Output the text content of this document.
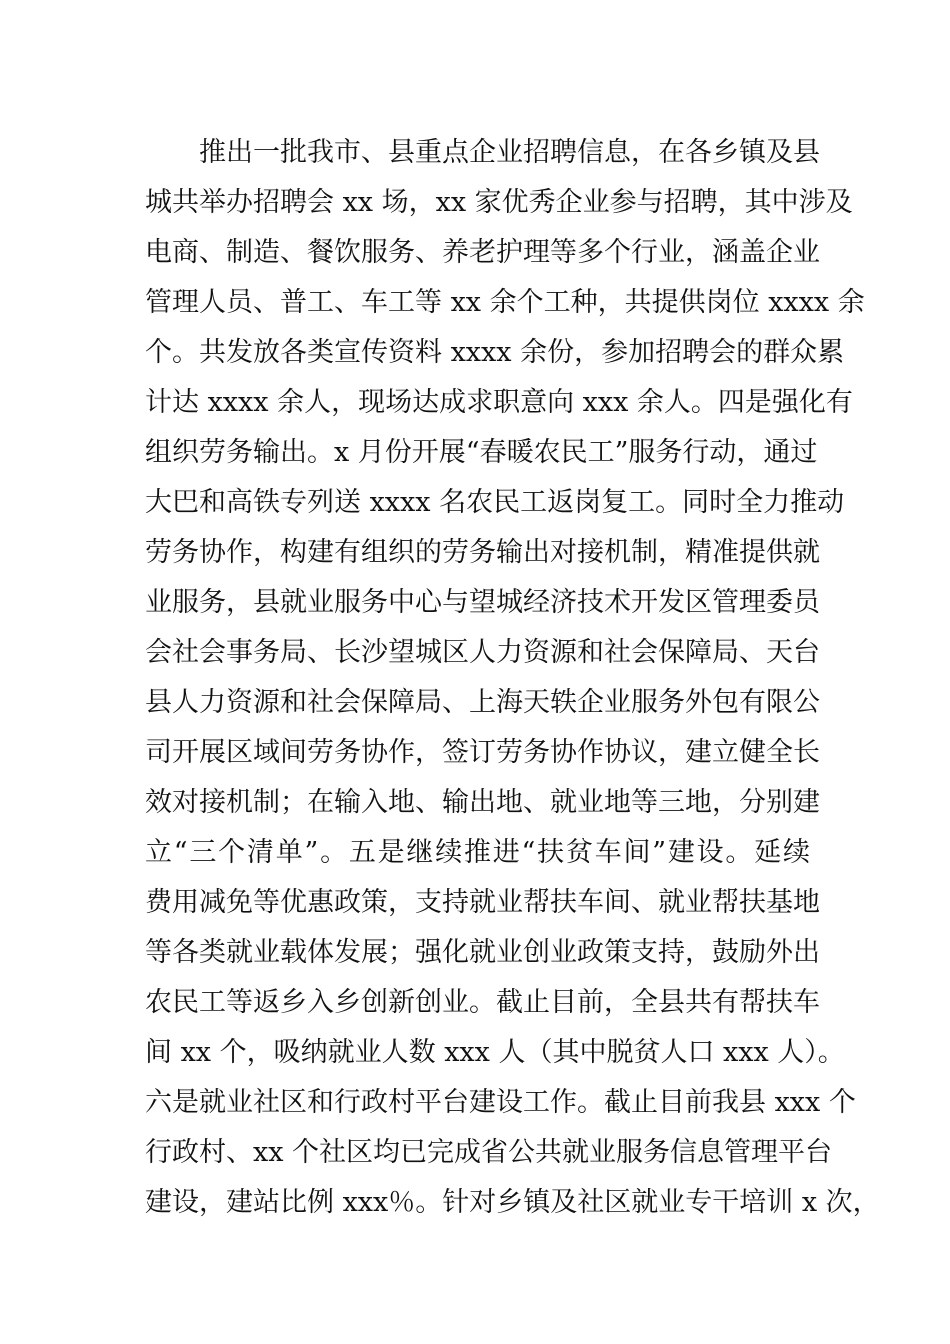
推出一批我市、县重点企业招聘信息，在各乡镇及县
城共举办招聘会 xx 场，xx 家优秀企业参与招聘，其中涉及
电商、制造、餐饮服务、养老护理等多个行业，涵盖企业
管理人员、普工、车工等 xx 余个工种，共提供岗位 xxxx 余
个。共发放各类宣传资料 xxxx 余份，参加招聘会的群众累
计达 xxxx 余人，现场达成求职意向 xxx 余人。四是强化有
组织劳务输出。x 月份开展“春暖农民工”服务行动，通过
大巴和高铁专列送 xxxx 名农民工返岗复工。同时全力推动
劳务协作，构建有组织的劳务输出对接机制，精准提供就
业服务，县就业服务中心与望城经济技术开发区管理委员
会社会事务局、长沙望城区人力资源和社会保障局、天台
县人力资源和社会保障局、上海天轶企业服务外包有限公
司开展区域间劳务协作，签订劳务协作协议，建立健全长
效对接机制；在输入地、输出地、就业地等三地，分别建
立“三个清单”。五是继续推进“扶贫车间”建设。延续
费用减免等优惠政策，支持就业帮扶车间、就业帮扶基地
等各类就业载体发展；强化就业创业政策支持，鼓励外出
农民工等返乡入乡创新创业。截止目前，全县共有帮扶车
间 xx 个，吸纳就业人数 xxx 人（其中脱贫人口 xxx 人）。
六是就业社区和行政村平台建设工作。截止目前我县 xxx 个
行政村、xx 个社区均已完成省公共就业服务信息管理平台
建设，建站比例 xxx％。针对乡镇及社区就业专干培训 x 次，
